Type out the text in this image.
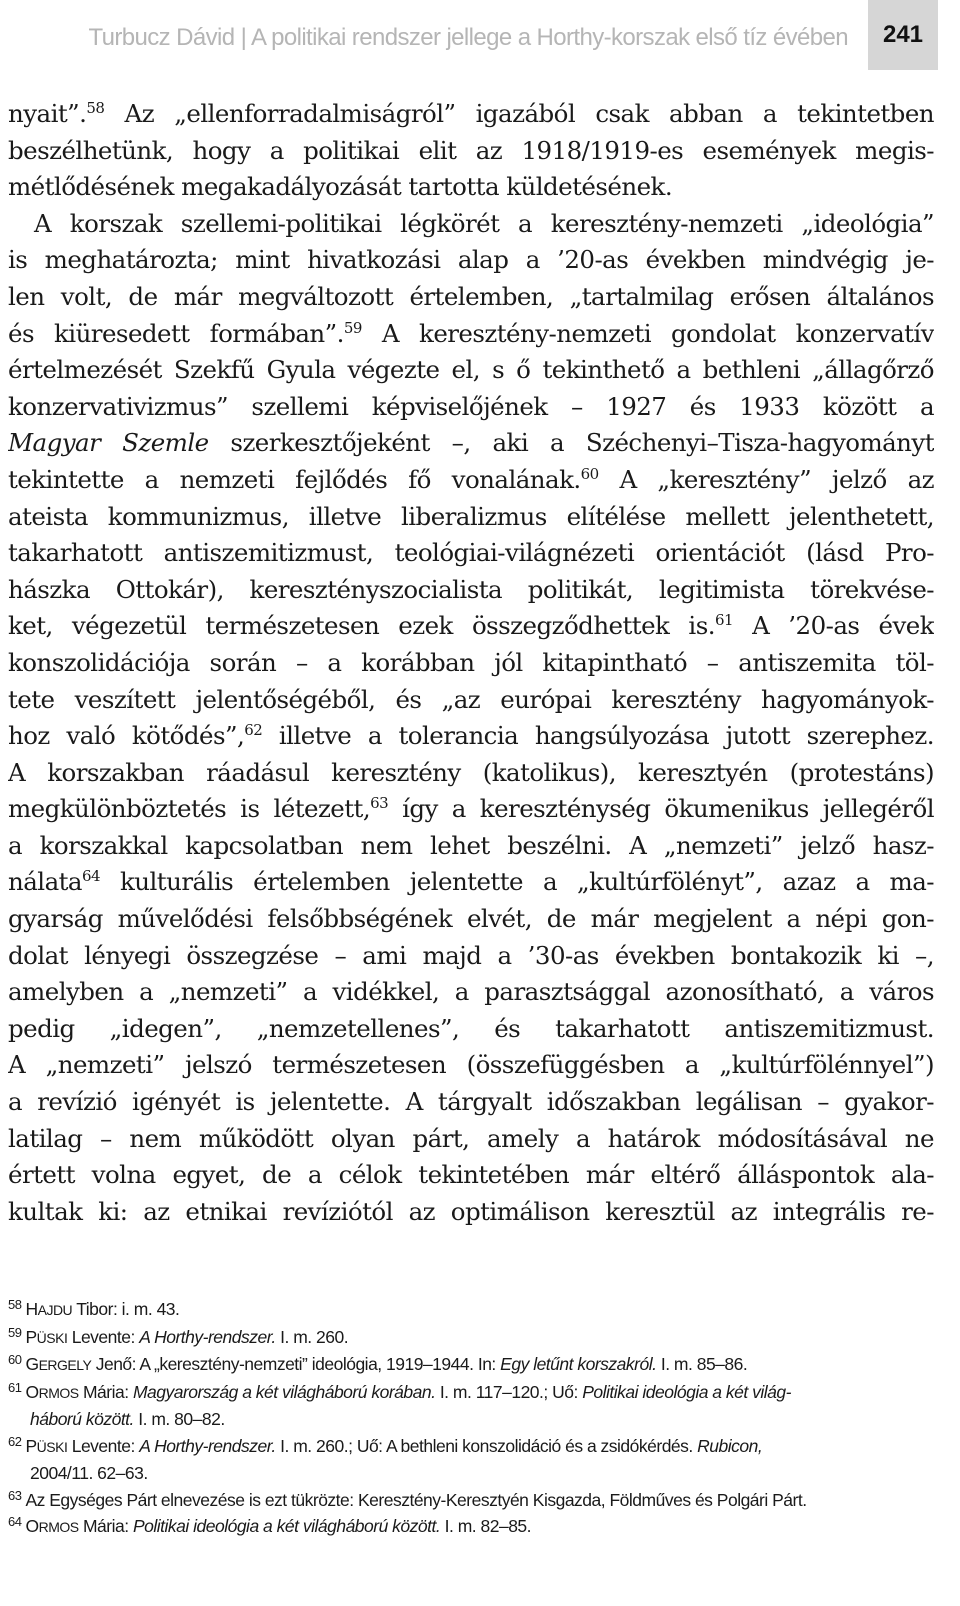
Turbucz Dávid | A politikai rendszer jellege a Horthy-korszak első tíz évében	241
nyait”.$^{58}$ Az „ellenforradalmiságról” igazából csak abban a tekintetben
beszélhetünk, hogy a politikai elit az 1918/1919-es események megis-
métlődésének megakadályozását tartotta küldetésének.
A korszak szellemi-politikai légkörét a keresztény-nemzeti „ideológia”
is meghatározta; mint hivatkozási alap a ’20-as években mindvégig je-
len volt, de már megváltozott értelemben, „tartalmilag erősen általános
és kiüresedett formában”.$^{59}$ A keresztény-nemzeti gondolat konzervatív
értelmezését Szekfű Gyula végezte el, s ő tekinthető a bethleni „állagőrző
konzervativizmus” szellemi képviselőjének – 1927 és 1933 között a
Magyar Szemle szerkesztőjeként –, aki a Széchenyi–Tisza-hagyományt
tekintette a nemzeti fejlődés fő vonalának.$^{60}$ A „keresztény” jelző az
ateista kommunizmus, illetve liberalizmus elítélése mellett jelenthetett,
takarhatott antiszemitizmust, teológiai-világnézeti orientációt (lásd Pro-
hászka Ottokár), keresztényszocialista politikát, legitimista törekvése-
ket, végezetül természetesen ezek összegződhettek is.$^{61}$ A ’20-as évek
konszolidációja során – a korábban jól kitapintható – antiszemita töl-
tete veszített jelentőségéből, és „az európai keresztény hagyományok-
hoz való kötődés”,$^{62}$ illetve a tolerancia hangsúlyozása jutott szerephez.
A korszakban ráadásul keresztény (katolikus), keresztyén (protestáns)
megkülönböztetés is létezett,$^{63}$ így a kereszténység ökumenikus jellegéről
a korszakkal kapcsolatban nem lehet beszélni. A „nemzeti” jelző hasz-
nálata$^{64}$ kulturális értelemben jelentette a „kultúrfölényt”, azaz a ma-
gyarság művelődési felsőbbségének elvét, de már megjelent a népi gon-
dolat lényegi összegzése – ami majd a ’30-as években bontakozik ki –,
amelyben a „nemzeti” a vidékkel, a parasztsággal azonosítható, a város
pedig „idegen”, „nemzetellenes”, és takarhatott antiszemitizmust.
A „nemzeti” jelszó természetesen (összefüggésben a „kultúrfölénnyel”)
a revízió igényét is jelentette. A tárgyalt időszakban legálisan – gyakor-
latilag – nem működött olyan párt, amely a határok módosításával ne
értett volna egyet, de a célok tekintetében már eltérő álláspontok ala-
kultak ki: az etnikai revíziótól az optimálison keresztül az integrális re-
$^{58}$ HAJDU Tibor: i. m. 43.
$^{59}$ PÜSKI Levente: A Horthy-rendszer. I. m. 260.
$^{60}$ GERGELY Jenő: A „keresztény-nemzeti” ideológia, 1919–1944. In: Egy letűnt korszakról. I. m. 85–86.
$^{61}$ ORMOS Mária: Magyarország a két világháború korában. I. m. 117–120.; Uő: Politikai ideológia a két világ-
háború között. I. m. 80–82.
$^{62}$ PÜSKI Levente: A Horthy-rendszer. I. m. 260.; Uő: A bethleni konszolidáció és a zsidókérdés. Rubicon,
2004/11. 62–63.
$^{63}$ Az Egységes Párt elnevezése is ezt tükrözte: Keresztény-Keresztyén Kisgazda, Földműves és Polgári Párt.
$^{64}$ ORMOS Mária: Politikai ideológia a két világháború között. I. m. 82–85.
